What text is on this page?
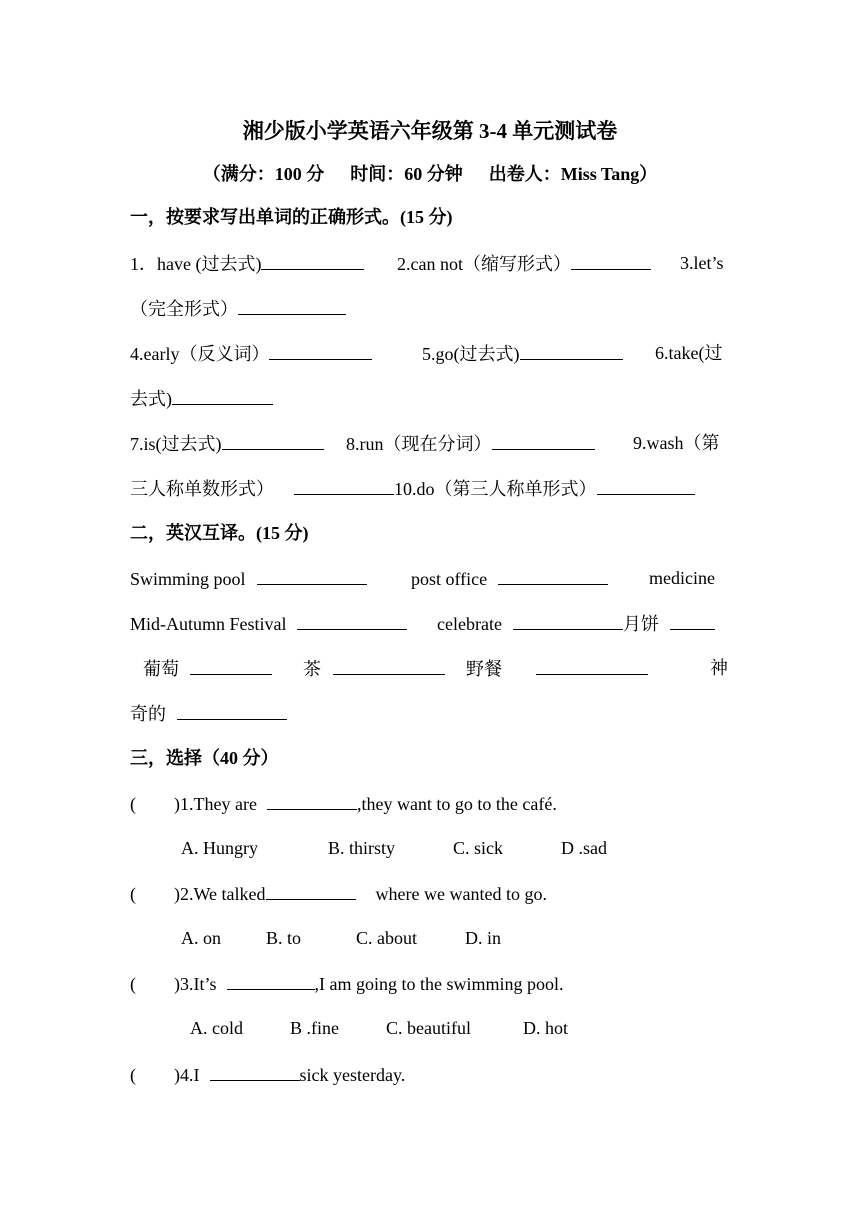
湘少版小学英语六年级第 3-4 单元测试卷
（满分：100 分 时间：60 分钟 出卷人：Miss Tang）
一，按要求写出单词的正确形式。(15 分)
1．have (过去式)	2.can not（缩写形式）	3.let’s
（完全形式）
4.early（反义词）	5.go(过去式)	6.take(过
去式)
7.is(过去式)	8.run（现在分词）	9.wash（第
三人称单数形式）	10.do（第三人称单形式）
二，英汉互译。(15 分)
Swimming pool	post office	medicine
Mid-Autumn Festival	celebrate	月饼
葡萄	茶	野餐	神
奇的
三，选择（40 分）
( )1.They are	,they want to go to the café.
A. Hungry	B. thirsty	C. sick	D .sad
( )2.We talked	where we wanted to go.
A. on	B. to	C. about	D. in
( )3.It’s	,I am going to the swimming pool.
A. cold	B .fine	C. beautiful	D. hot
( )4.I	sick yesterday.
